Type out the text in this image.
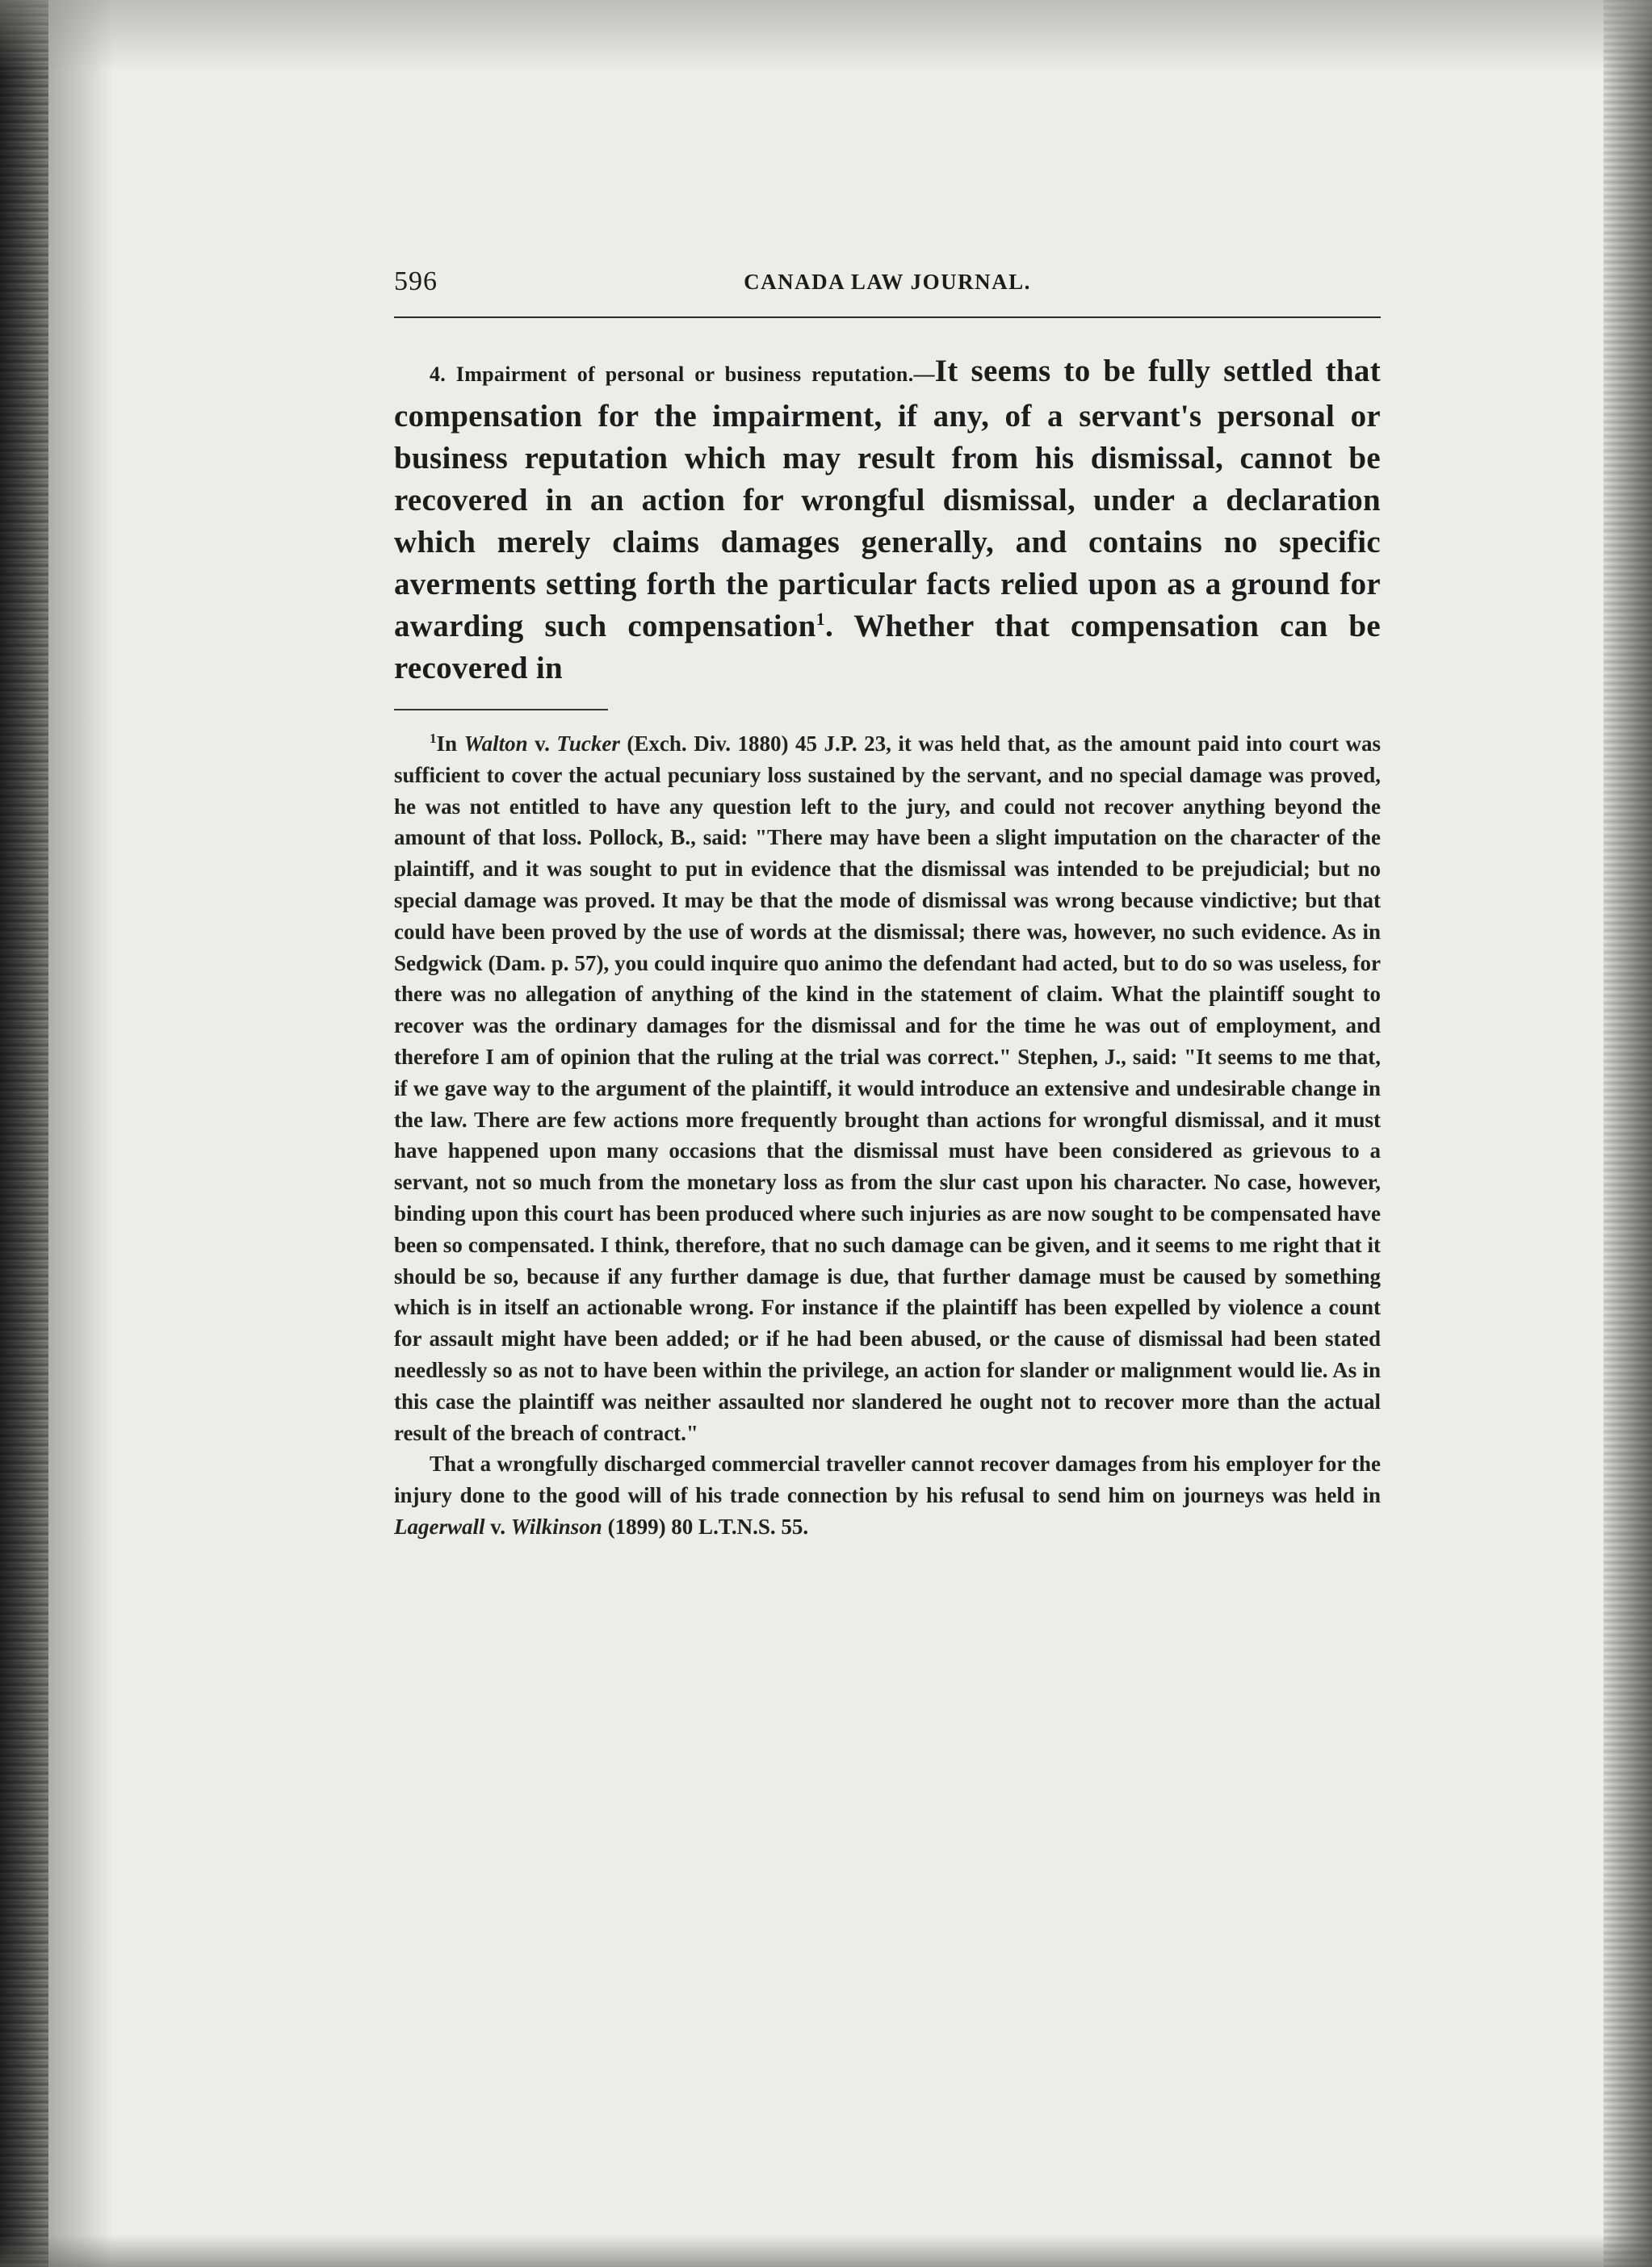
596	CANADA LAW JOURNAL.
4. Impairment of personal or business reputation.—It seems to be fully settled that compensation for the impairment, if any, of a servant's personal or business reputation which may result from his dismissal, cannot be recovered in an action for wrongful dismissal, under a declaration which merely claims damages generally, and contains no specific averments setting forth the particular facts relied upon as a ground for awarding such compensation$^1$. Whether that compensation can be recovered in

$^1$In Walton v. Tucker (Exch. Div. 1880) 45 J.P. 23, it was held that, as the amount paid into court was sufficient to cover the actual pecuniary loss sustained by the servant, and no special damage was proved, he was not entitled to have any question left to the jury, and could not recover anything beyond the amount of that loss. Pollock, B., said: "There may have been a slight imputation on the character of the plaintiff, and it was sought to put in evidence that the dismissal was intended to be prejudicial; but no special damage was proved. It may be that the mode of dismissal was wrong because vindictive; but that could have been proved by the use of words at the dismissal; there was, however, no such evidence. As in Sedgwick (Dam. p. 57), you could inquire quo animo the defendant had acted, but to do so was useless, for there was no allegation of anything of the kind in the statement of claim. What the plaintiff sought to recover was the ordinary damages for the dismissal and for the time he was out of employment, and therefore I am of opinion that the ruling at the trial was correct." Stephen, J., said: "It seems to me that, if we gave way to the argument of the plaintiff, it would introduce an extensive and undesirable change in the law. There are few actions more frequently brought than actions for wrongful dismissal, and it must have happened upon many occasions that the dismissal must have been considered as grievous to a servant, not so much from the monetary loss as from the slur cast upon his character. No case, however, binding upon this court has been produced where such injuries as are now sought to be compensated have been so compensated. I think, therefore, that no such damage can be given, and it seems to me right that it should be so, because if any further damage is due, that further damage must be caused by something which is in itself an actionable wrong. For instance if the plaintiff has been expelled by violence a count for assault might have been added; or if he had been abused, or the cause of dismissal had been stated needlessly so as not to have been within the privilege, an action for slander or malignment would lie. As in this case the plaintiff was neither assaulted nor slandered he ought not to recover more than the actual result of the breach of contract."

That a wrongfully discharged commercial traveller cannot recover damages from his employer for the injury done to the good will of his trade connection by his refusal to send him on journeys was held in Lagerwall v. Wilkinson (1899) 80 L.T.N.S. 55.
